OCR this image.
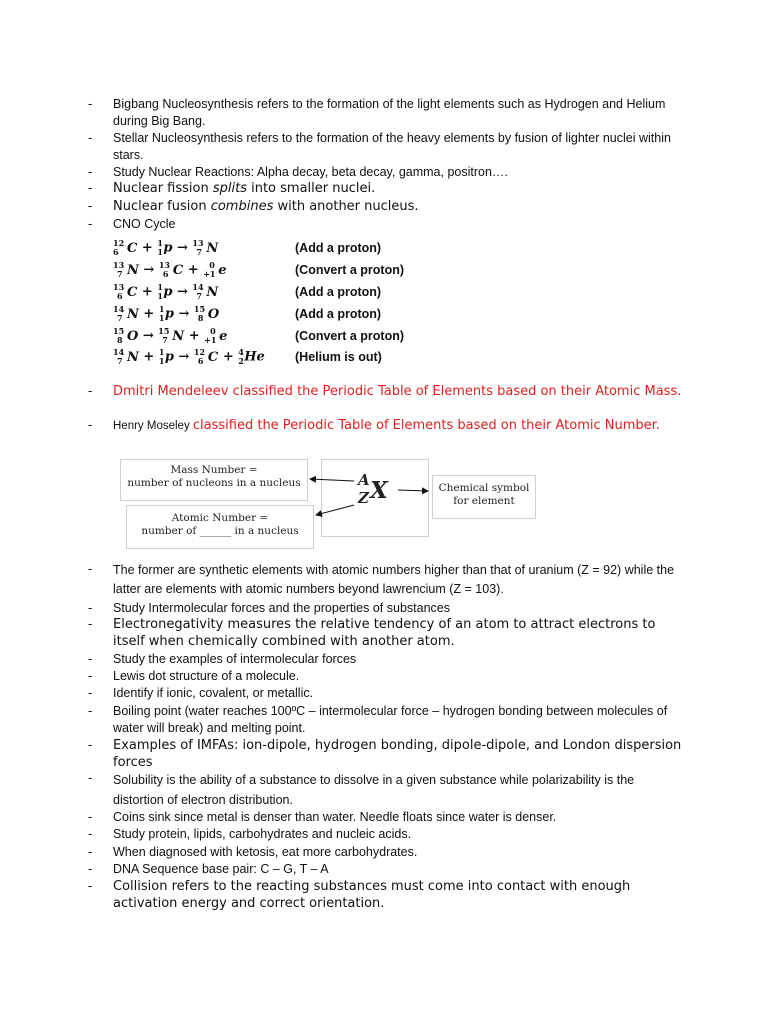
- Bigbang Nucleosynthesis refers to the formation of the light elements such as Hydrogen and Helium during Big Bang.
- Stellar Nucleosynthesis refers to the formation of the heavy elements by fusion of lighter nuclei within stars.
- Study Nuclear Reactions: Alpha decay, beta decay, gamma, positron….
- Nuclear fission splits into smaller nuclei.
- Nuclear fusion combines with another nucleus.
- CNO Cycle
12
6 C + 1
1 p → 13
7 N
13
7 N → 13
6 C + 0
+1 e
13
6 C + 1
1 p → 14
7 N
14
7 N + 1
1 p → 15
8 O
15
8 O → 15
7 N + 0
+1 e
14
7 N + 1
1 p → 12
6 C + 4
2 He
(Add a proton)
(Convert a proton)
(Add a proton)
(Add a proton)
(Convert a proton)
(Helium is out)
- Dmitri Mendeleev classified the Periodic Table of Elements based on their Atomic Mass.
- Henry Moseley classified the Periodic Table of Elements based on their Atomic Number.
Mass Number =
number of nucleons in a nucleus
Atomic Number =
number of ______ in a nucleus
A
Z X	Chemical symbol
for element
- The former are synthetic elements with atomic numbers higher than that of uranium (Z = 92) while the latter are elements with atomic numbers beyond lawrencium (Z = 103).
- Study Intermolecular forces and the properties of substances
- Electronegativity measures the relative tendency of an atom to attract electrons to itself when chemically combined with another atom.
- Study the examples of intermolecular forces
- Lewis dot structure of a molecule.
- Identify if ionic, covalent, or metallic.
- Boiling point (water reaches 100ºC – intermolecular force – hydrogen bonding between molecules of water will break) and melting point.
- Examples of IMFAs: ion-dipole, hydrogen bonding, dipole-dipole, and London dispersion forces
- Solubility is the ability of a substance to dissolve in a given substance while polarizability is the distortion of electron distribution.
- Coins sink since metal is denser than water. Needle floats since water is denser.
- Study protein, lipids, carbohydrates and nucleic acids.
- When diagnosed with ketosis, eat more carbohydrates.
- DNA Sequence base pair: C – G, T – A
- Collision refers to the reacting substances must come into contact with enough activation energy and correct orientation.
